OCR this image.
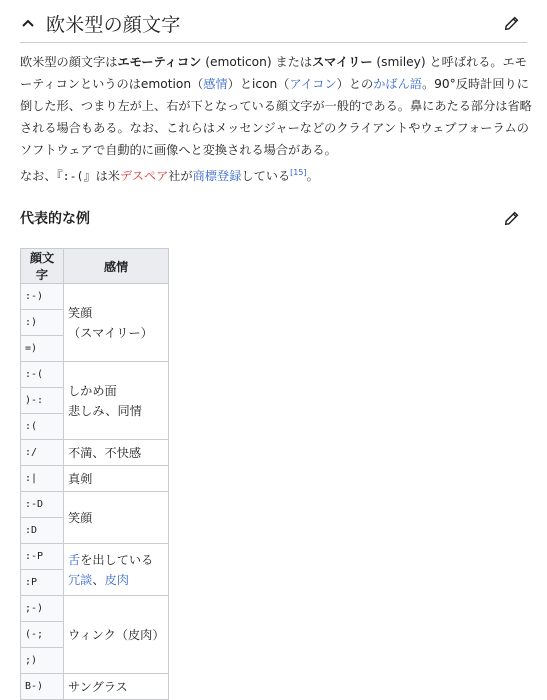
欧米型の顔文字
欧米型の顔文字はエモーティコン (emoticon) またはスマイリー (smiley) と呼ばれる。エモーティコンというのはemotion（感情）とicon（アイコン）とのかばん語。90°反時計回りに倒した形、つまり左が上、右が下となっている顔文字が一般的である。鼻にあたる部分は省略される場合もある。なお、これらはメッセンジャーなどのクライアントやウェブフォーラムのソフトウェアで自動的に画像へと変換される場合がある。
なお、『:-(』は米デスペア社が商標登録している[15]。
代表的な例
顔文字	感情
:-)	笑顔
（スマイリー）

:)	
=)	
:-(	しかめ面
悲しみ、同情

)-:	
:(	
:/	不満、不快感
:|	真剣
:-D	笑顔
:D	
:-P	舌を出している
冗談、皮肉

:P	
;-)	ウィンク（皮肉）
(-;	
;)	
B-)	サングラス
